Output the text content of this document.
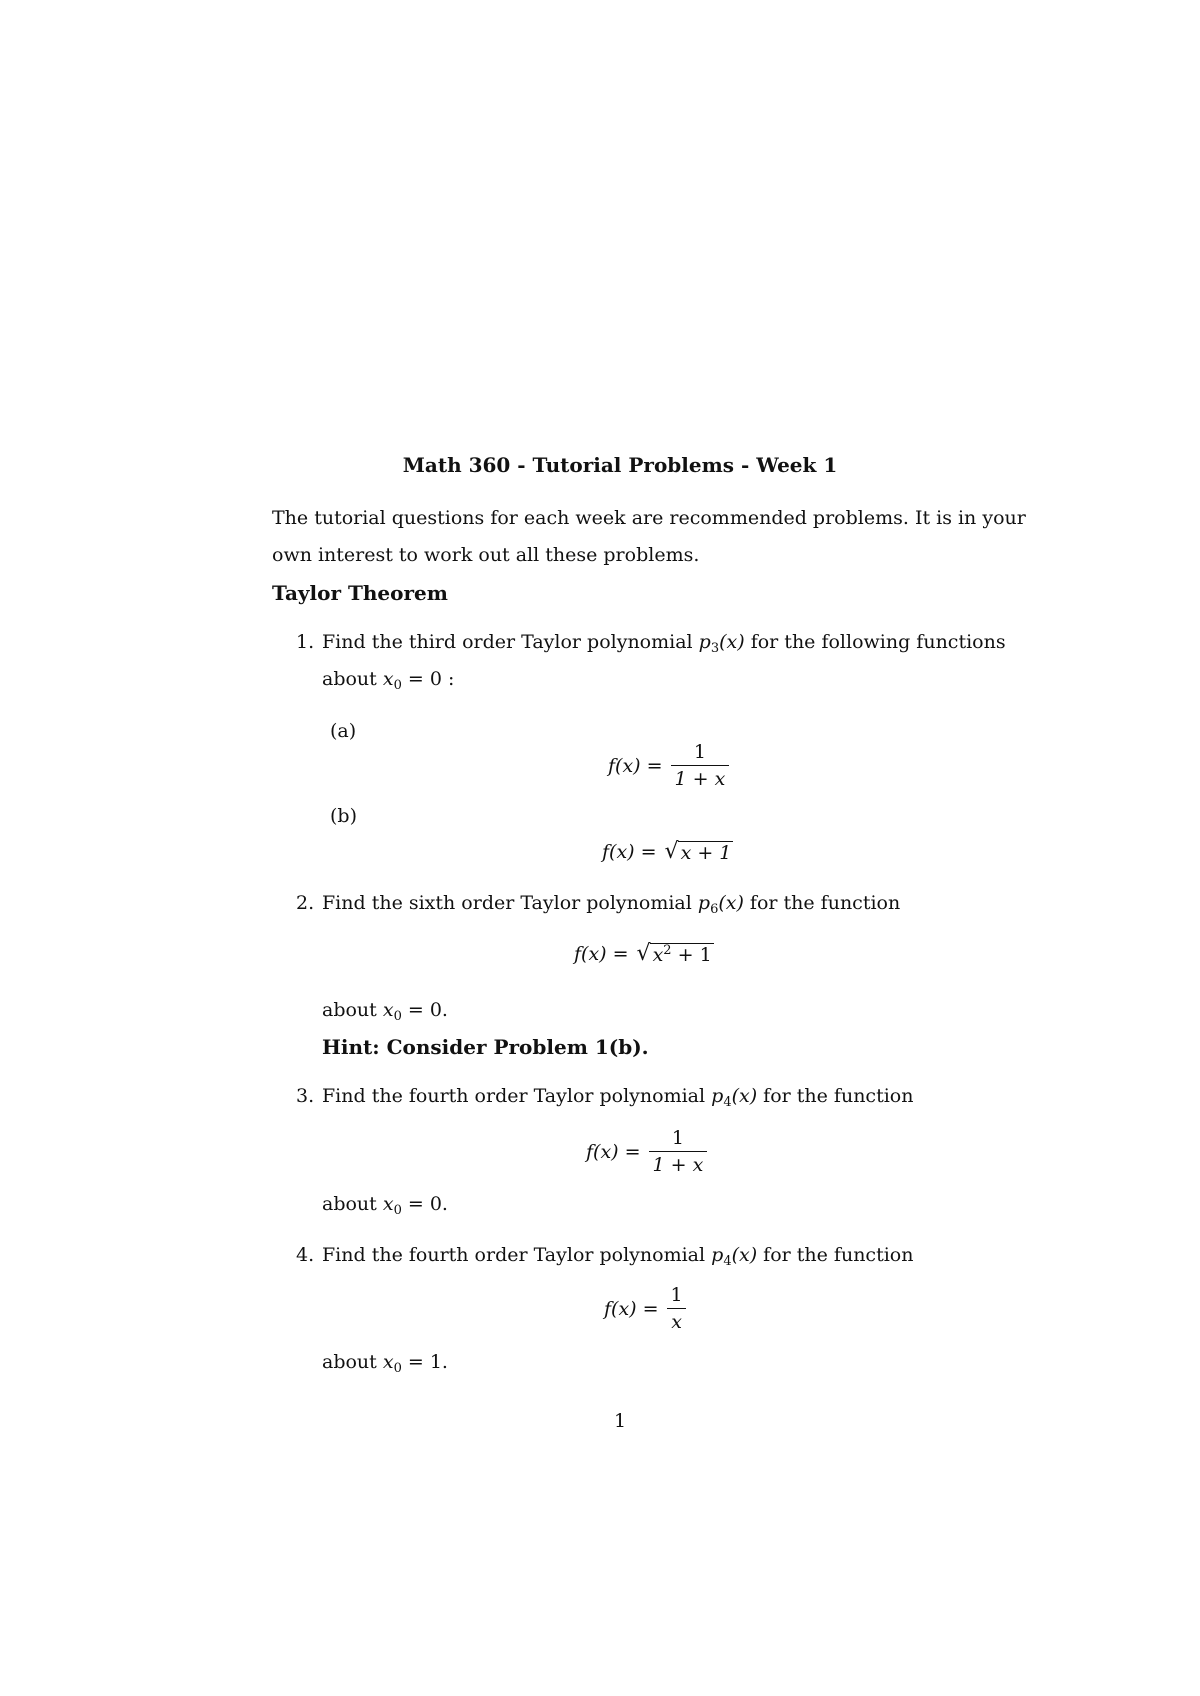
Math 360 - Tutorial Problems - Week 1
The tutorial questions for each week are recommended problems. It is in your
own interest to work out all these problems.
Taylor Theorem
1. Find the third order Taylor polynomial $p_3(x)$ for the following functions
about $x_0 = 0$ :
(a)
$f(x) = \frac{1}{1 + x}$
(b)
f(x) = √ x + 1
2. Find the sixth order Taylor polynomial $p_6(x)$ for the function
f(x) = √ $x^2 + 1$
about $x_0 = 0$.
Hint: Consider Problem 1(b).
3. Find the fourth order Taylor polynomial $p_4(x)$ for the function
$f(x) = \frac{1}{1 + x}$
about $x_0 = 0$.
4. Find the fourth order Taylor polynomial $p_4(x)$ for the function
$f(x) = \frac{1}{x}$
about $x_0 = 1$.
1
